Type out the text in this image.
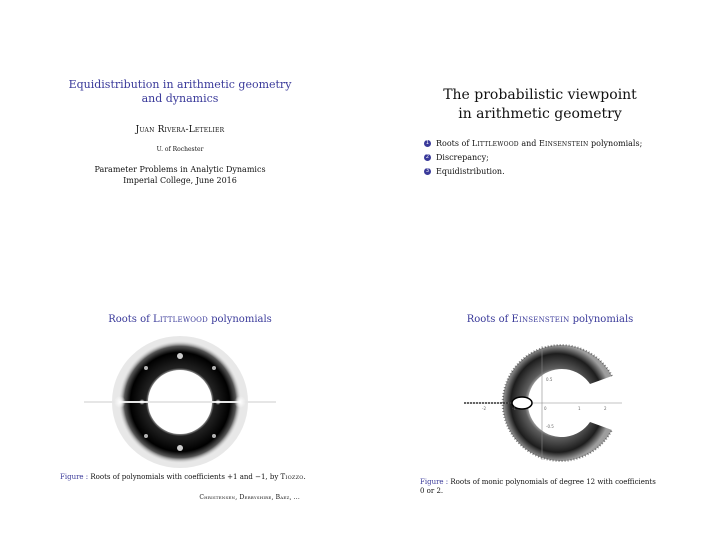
Equidistribution in arithmetic geometry
and dynamics
Juan Rivera-Letelier
U. of Rochester
Parameter Problems in Analytic Dynamics
Imperial College, June 2016
The probabilistic viewpoint
in arithmetic geometry
1 Roots of Littlewood and Einsenstein polynomials;
2 Discrepancy;
3 Equidistribution.
Roots of Littlewood polynomials
Figure : Roots of polynomials with coefficients +1 and −1, by Tiozzo.
Christensen, Derbyshire, Baez, ...
Roots of Einsenstein polynomials
-2	-1	0	1	2
0.5
-0.5
Figure : Roots of monic polynomials of degree 12 with coefficients 0 or 2.
